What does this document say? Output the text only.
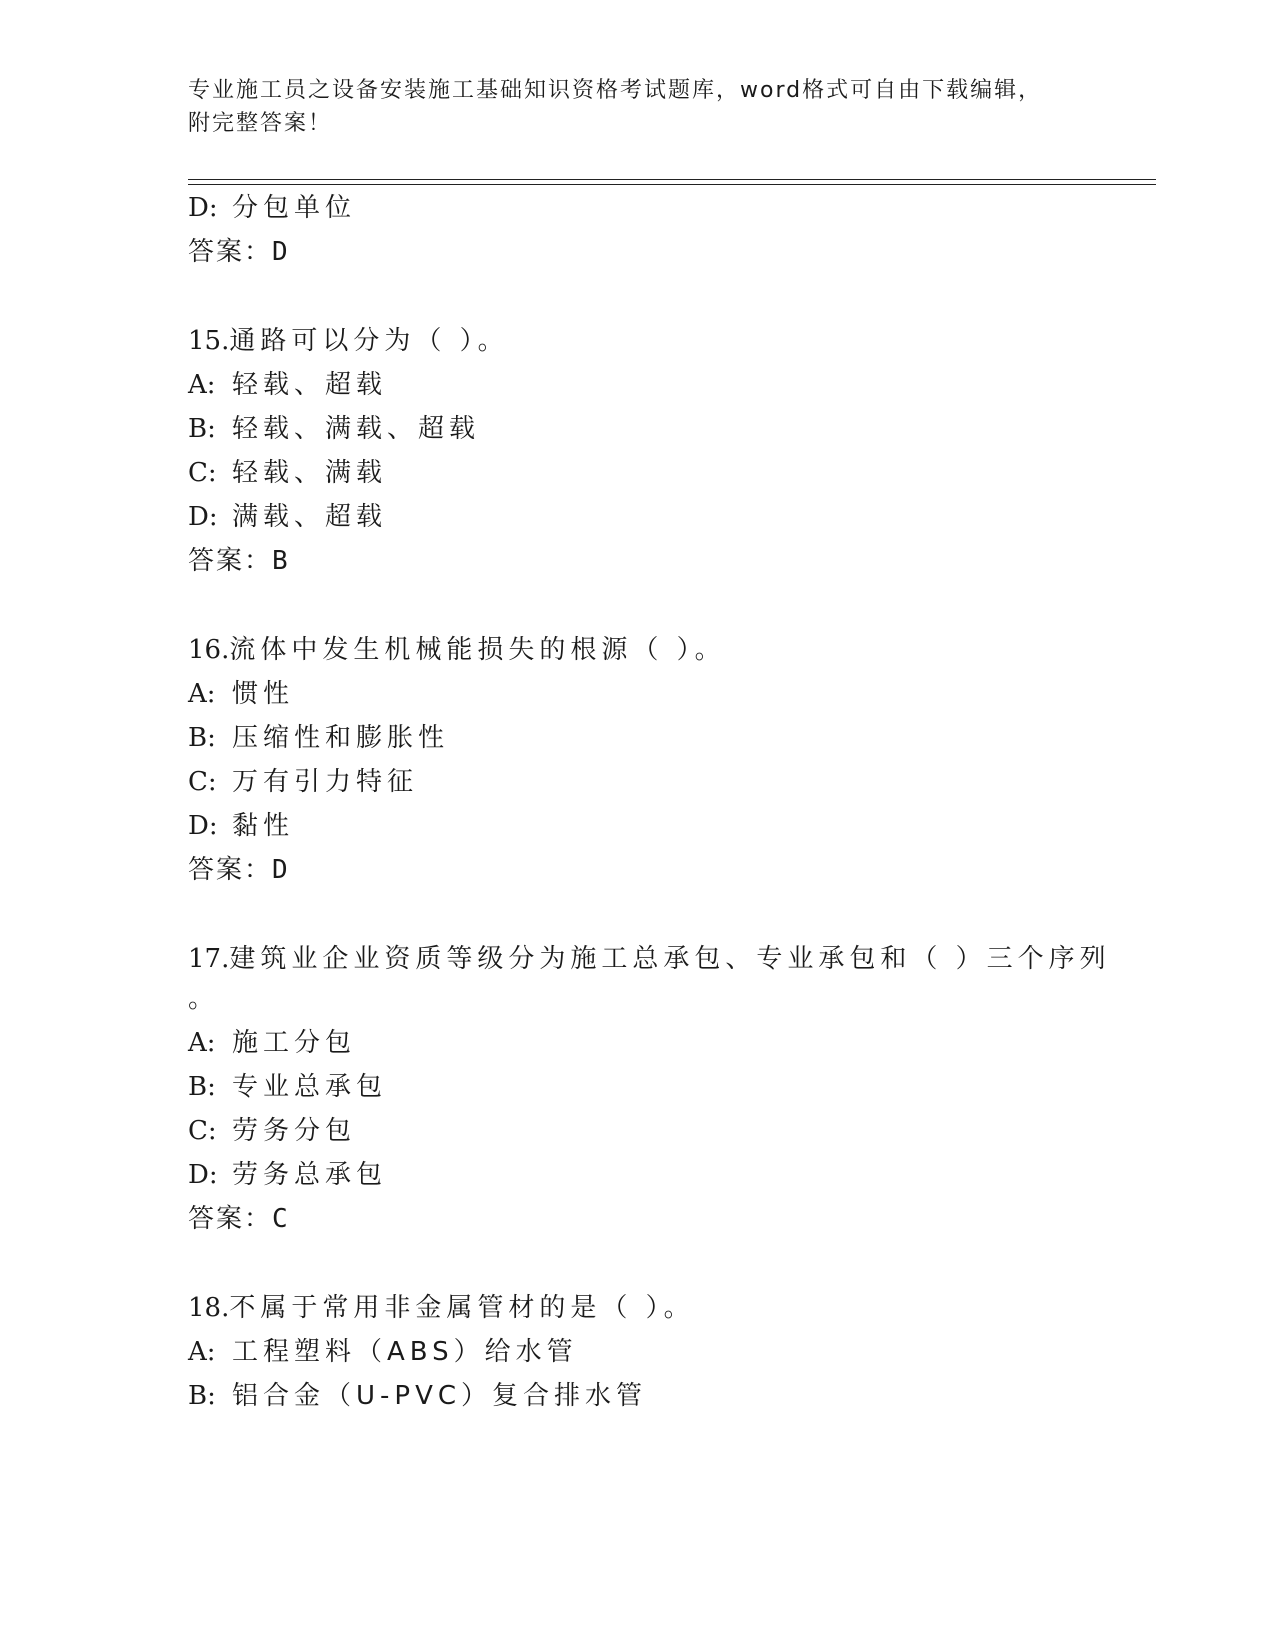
专业施工员之设备安装施工基础知识资格考试题库，word格式可自由下载编辑，
附完整答案！
D: 分包单位
答案：D
15.通路可以分为（ ）。
A: 轻载、超载
B: 轻载、满载、超载
C: 轻载、满载
D: 满载、超载
答案：B
16.流体中发生机械能损失的根源（ ）。
A: 惯性
B: 压缩性和膨胀性
C: 万有引力特征
D: 黏性
答案：D
17.建筑业企业资质等级分为施工总承包、专业承包和（ ）三个序列
。
A: 施工分包
B: 专业总承包
C: 劳务分包
D: 劳务总承包
答案：C
18.不属于常用非金属管材的是（ ）。
A: 工程塑料（ABS）给水管
B: 铝合金（U-PVC）复合排水管
